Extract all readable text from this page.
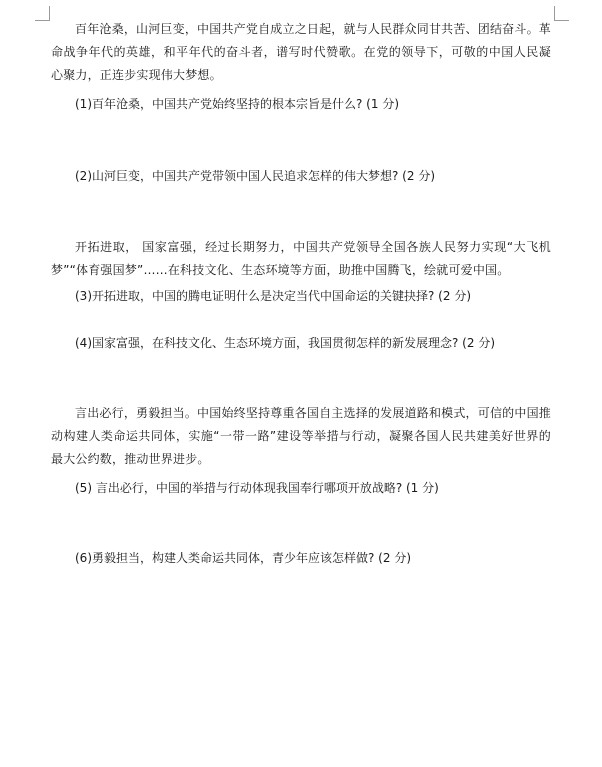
百年沧桑，山河巨变，中国共产党自成立之日起，就与人民群众同甘共苦、团结奋斗。革命战争年代的英雄，和平年代的奋斗者，谱写时代赞歌。在党的领导下，可敬的中国人民凝心聚力，正连步实现伟大梦想。

(1)百年沧桑，中国共产党始终坚持的根本宗旨是什么? (1 分)

(2)山河巨变，中国共产党带领中国人民追求怎样的伟大梦想? (2 分)

开拓进取， 国家富强，经过长期努力，中国共产党领导全国各族人民努力实现“大飞机梦”“体育强国梦”……在科技文化、生态环境等方面，助推中国腾飞，绘就可爱中国。

(3)开拓进取，中国的腾电证明什么是决定当代中国命运的关键抉择? (2 分)

(4)国家富强，在科技文化、生态环境方面，我国贯彻怎样的新发展理念? (2 分)

言出必行，勇毅担当。中国始终坚持尊重各国自主选择的发展道路和模式，可信的中国推动构建人类命运共同体，实施“一带一路”建设等举措与行动，凝聚各国人民共建美好世界的最大公约数，推动世界进步。

(5) 言出必行，中国的举措与行动体现我国奉行哪项开放战略? (1 分)

(6)勇毅担当，构建人类命运共同体，青少年应该怎样做? (2 分)
